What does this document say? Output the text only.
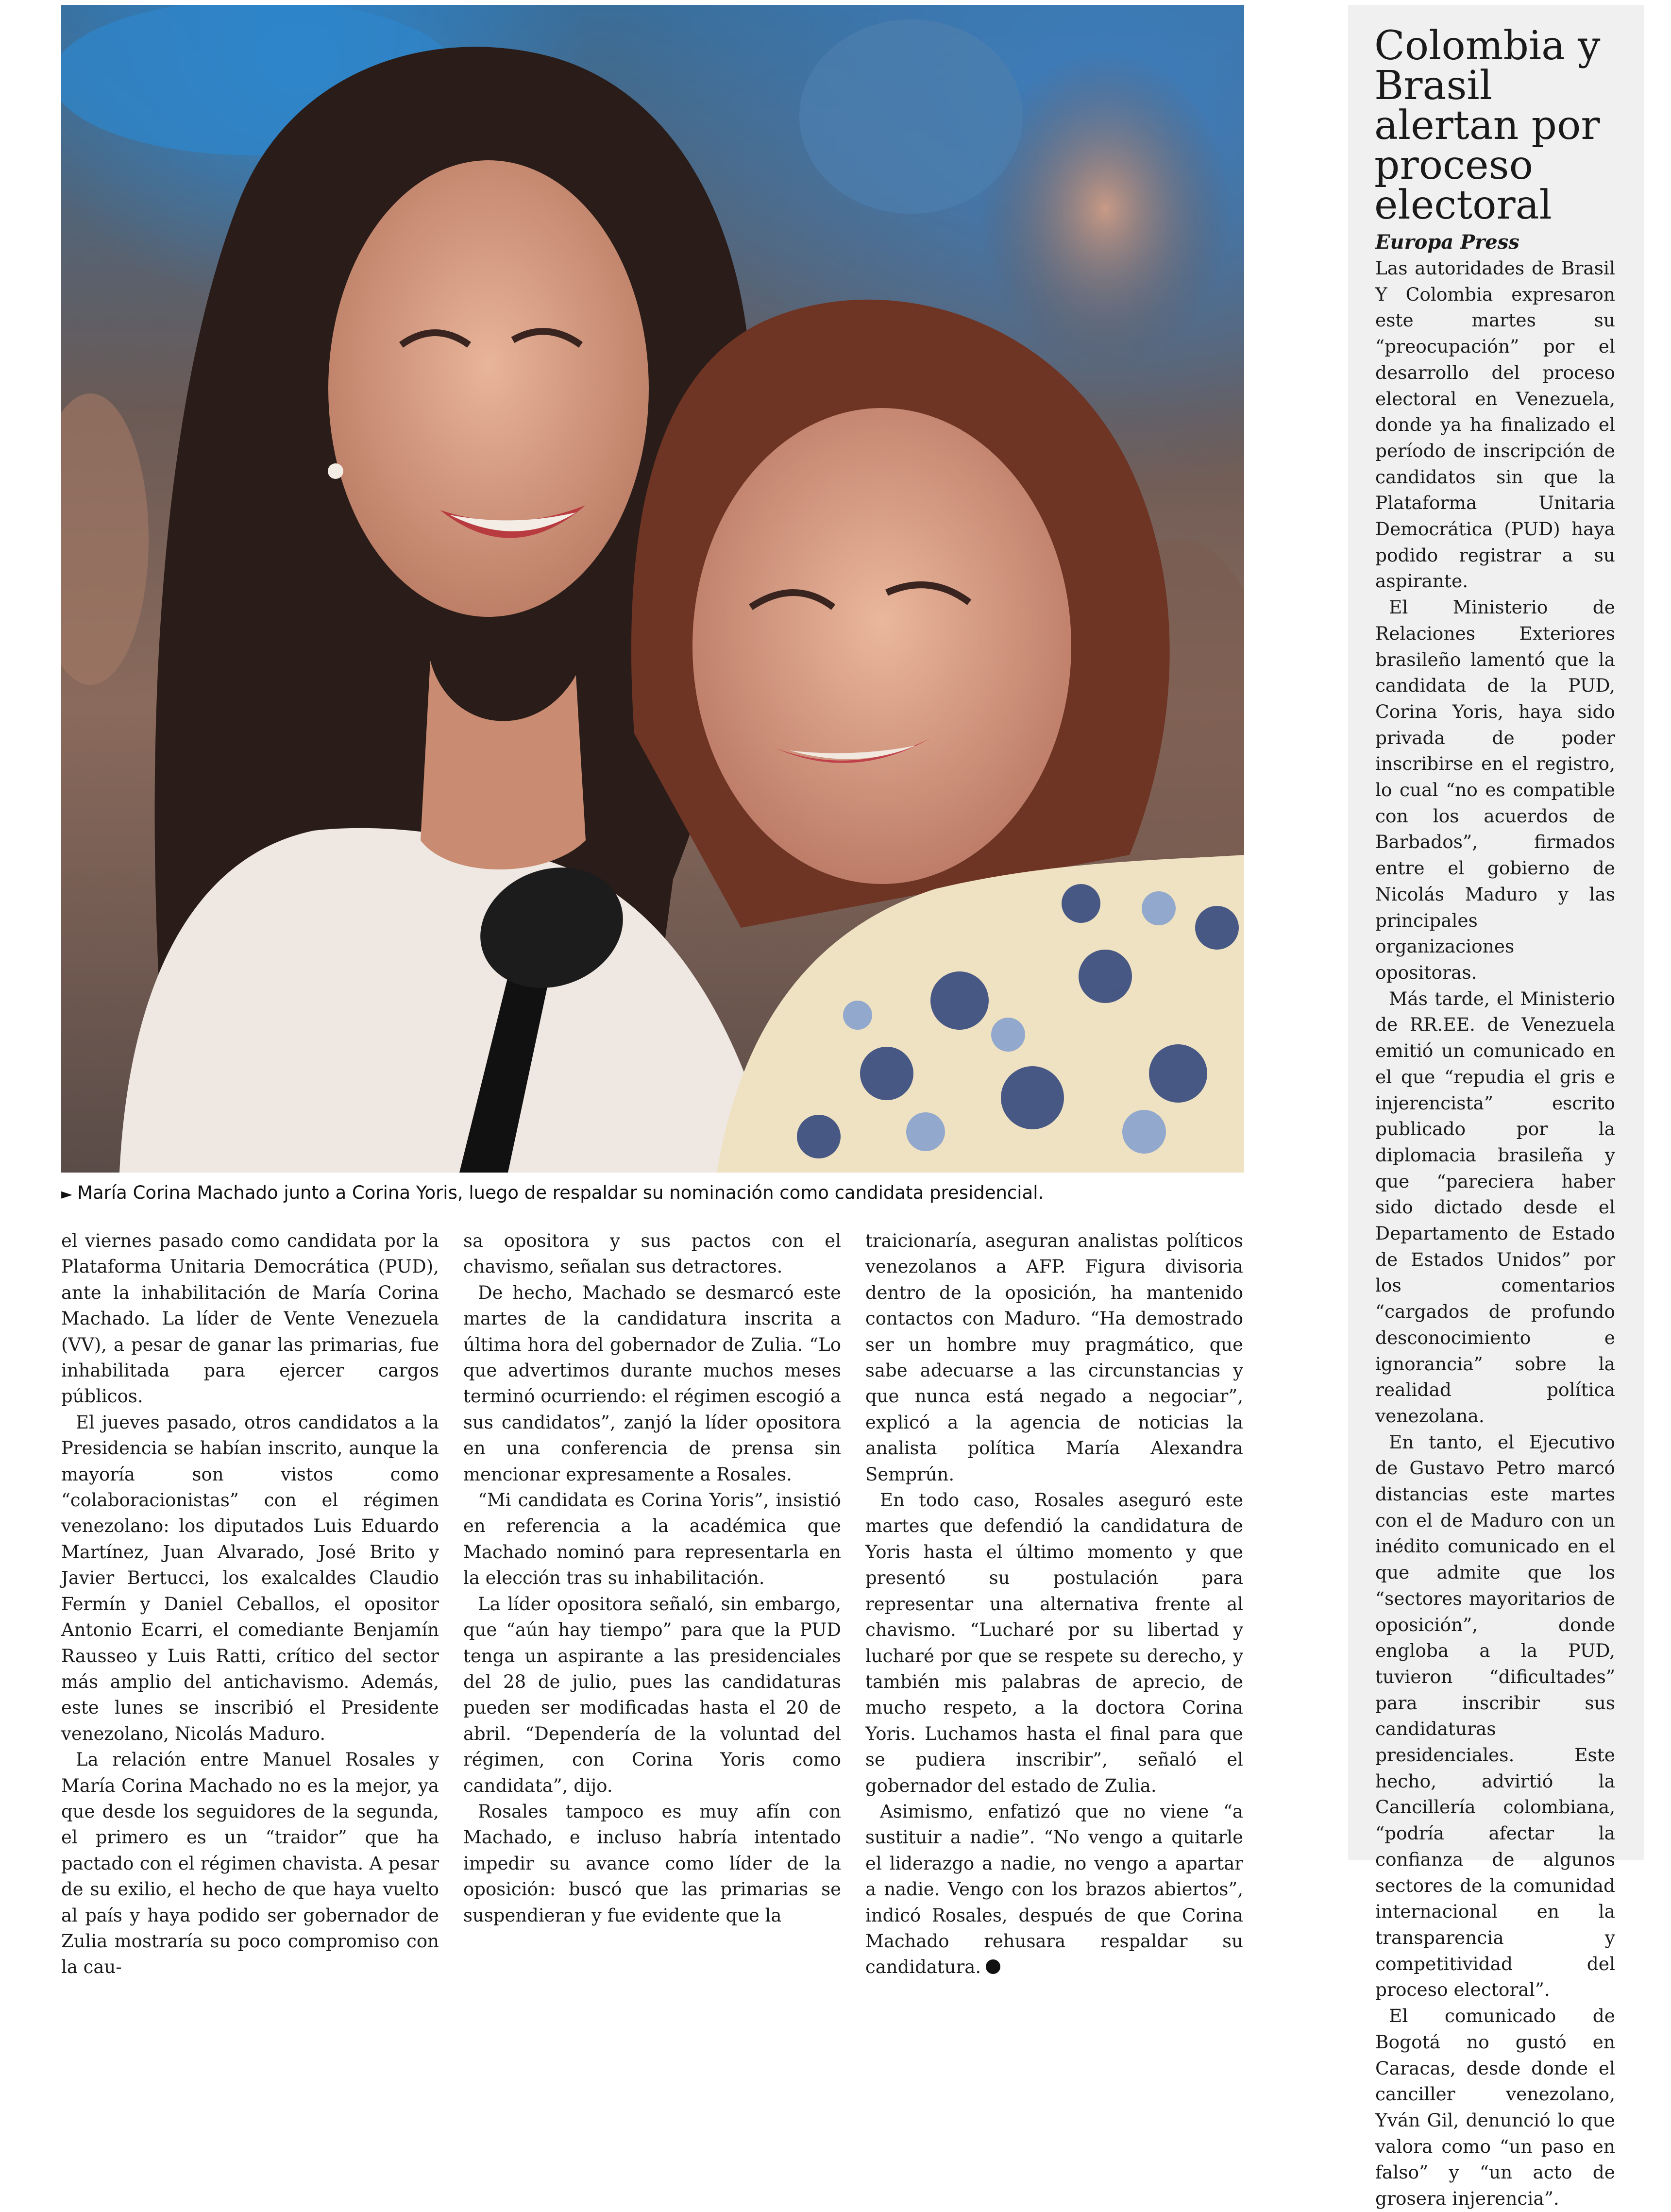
► María Corina Machado junto a Corina Yoris, luego de respaldar su nominación como candidata presidencial.

el viernes pasado como candidata por la Plataforma Unitaria Democrática (PUD), ante la inhabilitación de María Corina Machado. La líder de Vente Venezuela (VV), a pesar de ganar las primarias, fue inhabilitada para ejercer cargos públicos.

El jueves pasado, otros candidatos a la Presidencia se habían inscrito, aunque la mayoría son vistos como “colaboracionistas” con el régimen venezolano: los diputados Luis Eduardo Martínez, Juan Alvarado, José Brito y Javier Bertucci, los exalcaldes Claudio Fermín y Daniel Ceballos, el opositor Antonio Ecarri, el comediante Benjamín Rausseo y Luis Ratti, crítico del sector más amplio del antichavismo. Además, este lunes se inscribió el Presidente venezolano, Nicolás Maduro.

La relación entre Manuel Rosales y María Corina Machado no es la mejor, ya que desde los seguidores de la segunda, el primero es un “traidor” que ha pactado con el régimen chavista. A pesar de su exilio, el hecho de que haya vuelto al país y haya podido ser gobernador de Zulia mostraría su poco compromiso con la cau-

sa opositora y sus pactos con el chavismo, señalan sus detractores.

De hecho, Machado se desmarcó este martes de la candidatura inscrita a última hora del gobernador de Zulia. “Lo que advertimos durante muchos meses terminó ocurriendo: el régimen escogió a sus candidatos”, zanjó la líder opositora en una conferencia de prensa sin mencionar expresamente a Rosales.

“Mi candidata es Corina Yoris”, insistió en referencia a la académica que Machado nominó para representarla en la elección tras su inhabilitación.

La líder opositora señaló, sin embargo, que “aún hay tiempo” para que la PUD tenga un aspirante a las presidenciales del 28 de julio, pues las candidaturas pueden ser modificadas hasta el 20 de abril. “Dependería de la voluntad del régimen, con Corina Yoris como candidata”, dijo.

Rosales tampoco es muy afín con Machado, e incluso habría intentado impedir su avance como líder de la oposición: buscó que las primarias se suspendieran y fue evidente que la

traicionaría, aseguran analistas políticos venezolanos a AFP. Figura divisoria dentro de la oposición, ha mantenido contactos con Maduro. “Ha demostrado ser un hombre muy pragmático, que sabe adecuarse a las circunstancias y que nunca está negado a negociar”, explicó a la agencia de noticias la analista política María Alexandra Semprún.

En todo caso, Rosales aseguró este martes que defendió la candidatura de Yoris hasta el último momento y que presentó su postulación para representar una alternativa frente al chavismo. “Lucharé por su libertad y lucharé por que se respete su derecho, y también mis palabras de aprecio, de mucho respeto, a la doctora Corina Yoris. Luchamos hasta el final para que se pudiera inscribir”, señaló el gobernador del estado de Zulia.

Asimismo, enfatizó que no viene “a sustituir a nadie”. “No vengo a quitarle el liderazgo a nadie, no vengo a apartar a nadie. Vengo con los brazos abiertos”, indicó Rosales, después de que Corina Machado rehusara respaldar su candidatura.

Colombia y Brasil alertan por proceso electoral
Europa Press

Las autoridades de Brasil Y Colombia expresaron este martes su “preocupación” por el desarrollo del proceso electoral en Venezuela, donde ya ha finalizado el período de inscripción de candidatos sin que la Plataforma Unitaria Democrática (PUD) haya podido registrar a su aspirante.

El Ministerio de Relaciones Exteriores brasileño lamentó que la candidata de la PUD, Corina Yoris, haya sido privada de poder inscribirse en el registro, lo cual “no es compatible con los acuerdos de Barbados”, firmados entre el gobierno de Nicolás Maduro y las principales organizaciones opositoras.

Más tarde, el Ministerio de RR.EE. de Venezuela emitió un comunicado en el que “repudia el gris e injerencista” escrito publicado por la diplomacia brasileña y que “pareciera haber sido dictado desde el Departamento de Estado de Estados Unidos” por los comentarios “cargados de profundo desconocimiento e ignorancia” sobre la realidad política venezolana.

En tanto, el Ejecutivo de Gustavo Petro marcó distancias este martes con el de Maduro con un inédito comunicado en el que admite que los “sectores mayoritarios de oposición”, donde engloba a la PUD, tuvieron “dificultades” para inscribir sus candidaturas presidenciales. Este hecho, advirtió la Cancillería colombiana, “podría afectar la confianza de algunos sectores de la comunidad internacional en la transparencia y competitividad del proceso electoral”.

El comunicado de Bogotá no gustó en Caracas, desde donde el canciller venezolano, Yván Gil, denunció lo que valora como “un paso en falso” y “un acto de grosera injerencia”.
